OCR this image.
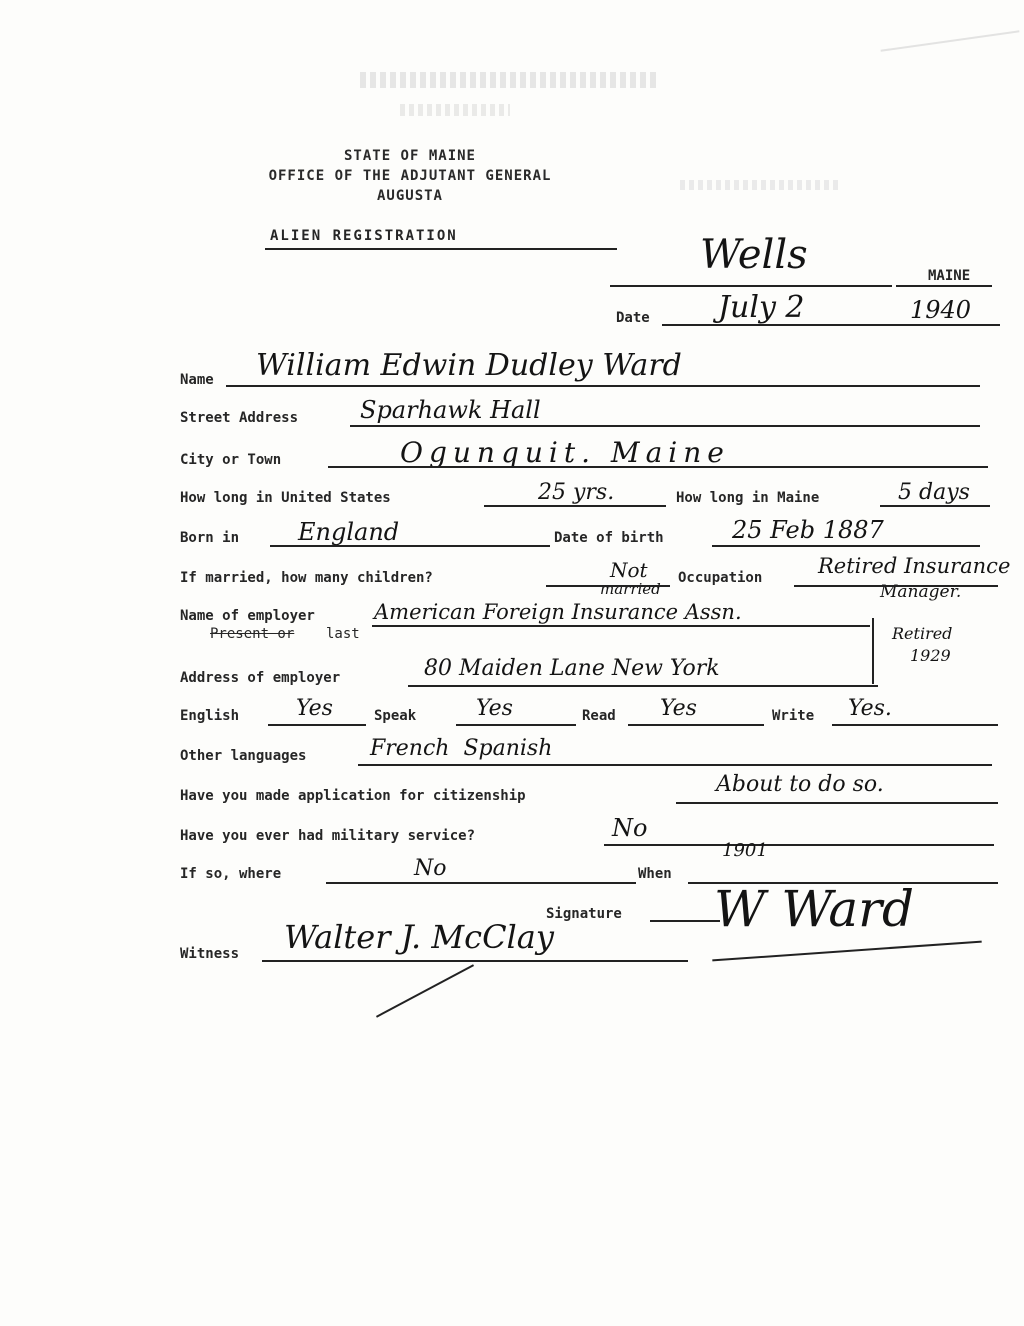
STATE OF MAINE
OFFICE OF THE ADJUTANT GENERAL
AUGUSTA
ALIEN REGISTRATION	Wells	MAINE
Date July 2	1940
Name William Edwin Dudley Ward
Street Address	Sparhawk Hall
City or Town	Ogunquit. Maine
How long in United States	25 yrs.	How long in Maine	5 days
Born in England	Date of birth	25 Feb 1887
If married, how many children?	Not
married
Occupation	Retired Insurance
Manager.
Name of employer	American Foreign Insurance Assn.
Present or last	Retired
1929
Address of employer	80 Maiden Lane New York
English	Yes	Speak	Yes	Read Yes	Write Yes.
Other languages	French  Spanish
Have you made application for citizenship	About to do so.
Have you ever had military service?	No
If so, where	No	When
1901
Signature W Ward
Witness Walter J. McClay
